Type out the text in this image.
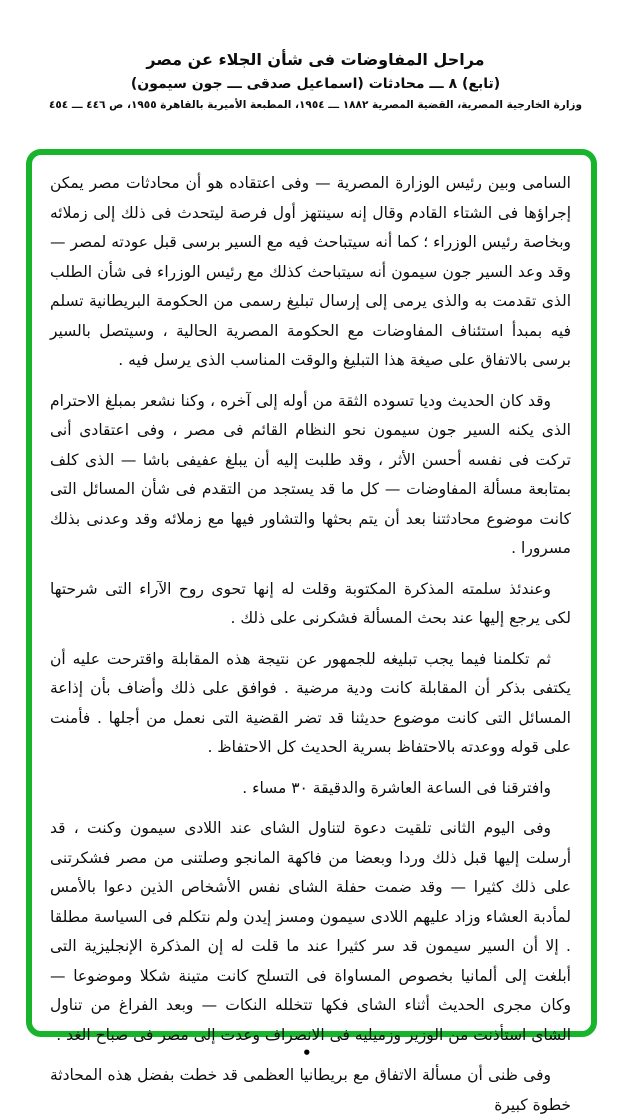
مراحل المفاوضات فى شأن الجلاء عن مصر
(تابع) ٨ ـــ محادثات (اسماعيل صدقى ـــ جون سيمون)
وزارة الخارجية المصرية، القضية المصرية ١٨٨٢ ـــ ١٩٥٤، المطبعة الأميرية بالقاهرة ١٩٥٥، ص ٤٤٦ ـــ ٤٥٤

السامى وبين رئيس الوزارة المصرية — وفى اعتقاده هو أن محادثات مصر يمكن إجراؤها فى الشتاء القادم وقال إنه سينتهز أول فرصة ليتحدث فى ذلك إلى زملائه وبخاصة رئيس الوزراء ؛ كما أنه سيتباحث فيه مع السير برسى قبل عودته لمصر — وقد وعد السير جون سيمون أنه سيتباحث كذلك مع رئيس الوزراء فى شأن الطلب الذى تقدمت به والذى يرمى إلى إرسال تبليغ رسمى من الحكومة البريطانية تسلم فيه بمبدأ استئناف المفاوضات مع الحكومة المصرية الحالية ، وسيتصل بالسير برسى بالاتفاق على صيغة هذا التبليغ والوقت المناسب الذى يرسل فيه .

وقد كان الحديث وديا تسوده الثقة من أوله إلى آخره ، وكنا نشعر بمبلغ الاحترام الذى يكنه السير جون سيمون نحو النظام القائم فى مصر ، وفى اعتقادى أنى تركت فى نفسه أحسن الأثر ، وقد طلبت إليه أن يبلغ عفيفى باشا — الذى كلف بمتابعة مسألة المفاوضات — كل ما قد يستجد من التقدم فى شأن المسائل التى كانت موضوع محادثتنا بعد أن يتم بحثها والتشاور فيها مع زملائه وقد وعدنى بذلك مسرورا .

وعندئذ سلمته المذكرة المكتوبة وقلت له إنها تحوى روح الآراء التى شرحتها لكى يرجع إليها عند بحث المسألة فشكرنى على ذلك .

ثم تكلمنا فيما يجب تبليغه للجمهور عن نتيجة هذه المقابلة واقترحت عليه أن يكتفى بذكر أن المقابلة كانت ودية مرضية . فوافق على ذلك وأضاف بأن إذاعة المسائل التى كانت موضوع حديثنا قد تضر القضية التى نعمل من أجلها . فأمنت على قوله ووعدته بالاحتفاظ بسرية الحديث كل الاحتفاظ .

وافترقنا فى الساعة العاشرة والدقيقة ٣٠ مساء .

وفى اليوم الثانى تلقيت دعوة لتناول الشاى عند اللادى سيمون وكنت ، قد أرسلت إليها قبل ذلك وردا وبعضا من فاكهة المانجو وصلتنى من مصر فشكرتنى على ذلك كثيرا — وقد ضمت حفلة الشاى نفس الأشخاص الذين دعوا بالأمس لمأدبة العشاء وزاد عليهم اللادى سيمون ومسز إيدن ولم نتكلم فى السياسة مطلقا . إلا أن السير سيمون قد سر كثيرا عند ما قلت له إن المذكرة الإنجليزية التى أبلغت إلى ألمانيا بخصوص المساواة فى التسلح كانت متينة شكلا وموضوعا — وكان مجرى الحديث أثناء الشاى فكها تتخلله النكات — وبعد الفراغ من تناول الشاى استأذنت من الوزير وزميليه فى الانصراف وعدت إلى مصر فى صباح الغد .

وفى ظنى أن مسألة الاتفاق مع بريطانيا العظمى قد خطت بفضل هذه المحادثة خطوة كبيرة

•
